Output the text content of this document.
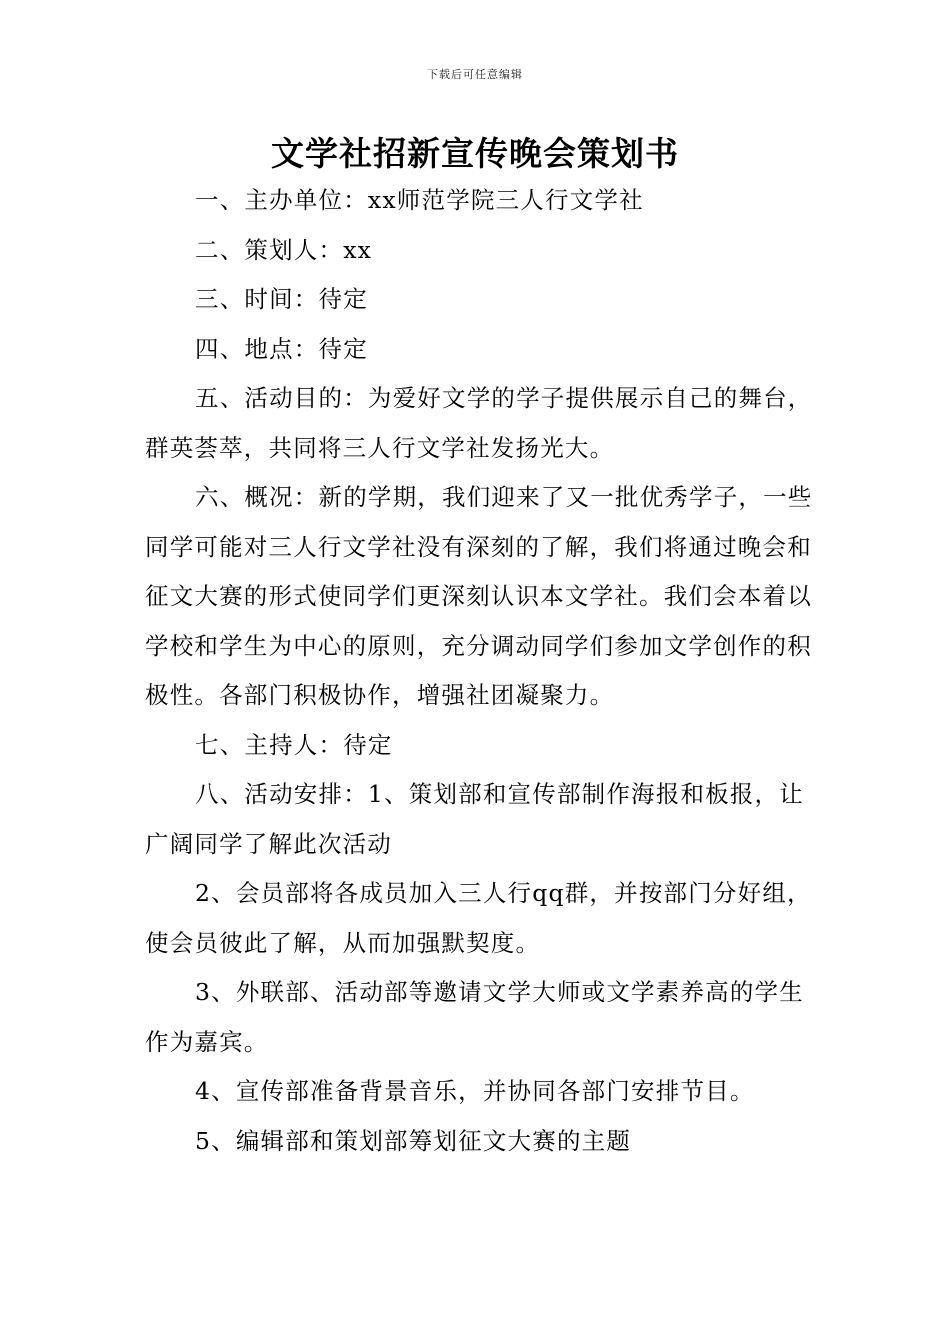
下载后可任意编辑
文学社招新宣传晚会策划书

一、主办单位：xx师范学院三人行文学社

二、策划人：xx

三、时间：待定

四、地点：待定

五、活动目的：为爱好文学的学子提供展示自己的舞台，群英荟萃，共同将三人行文学社发扬光大。

六、概况：新的学期，我们迎来了又一批优秀学子，一些同学可能对三人行文学社没有深刻的了解，我们将通过晚会和征文大赛的形式使同学们更深刻认识本文学社。我们会本着以学校和学生为中心的原则，充分调动同学们参加文学创作的积极性。各部门积极协作，增强社团凝聚力。

七、主持人：待定

八、活动安排：1、策划部和宣传部制作海报和板报，让广阔同学了解此次活动

2、会员部将各成员加入三人行qq群，并按部门分好组，使会员彼此了解，从而加强默契度。

3、外联部、活动部等邀请文学大师或文学素养高的学生作为嘉宾。

4、宣传部准备背景音乐，并协同各部门安排节目。

5、编辑部和策划部筹划征文大赛的主题
